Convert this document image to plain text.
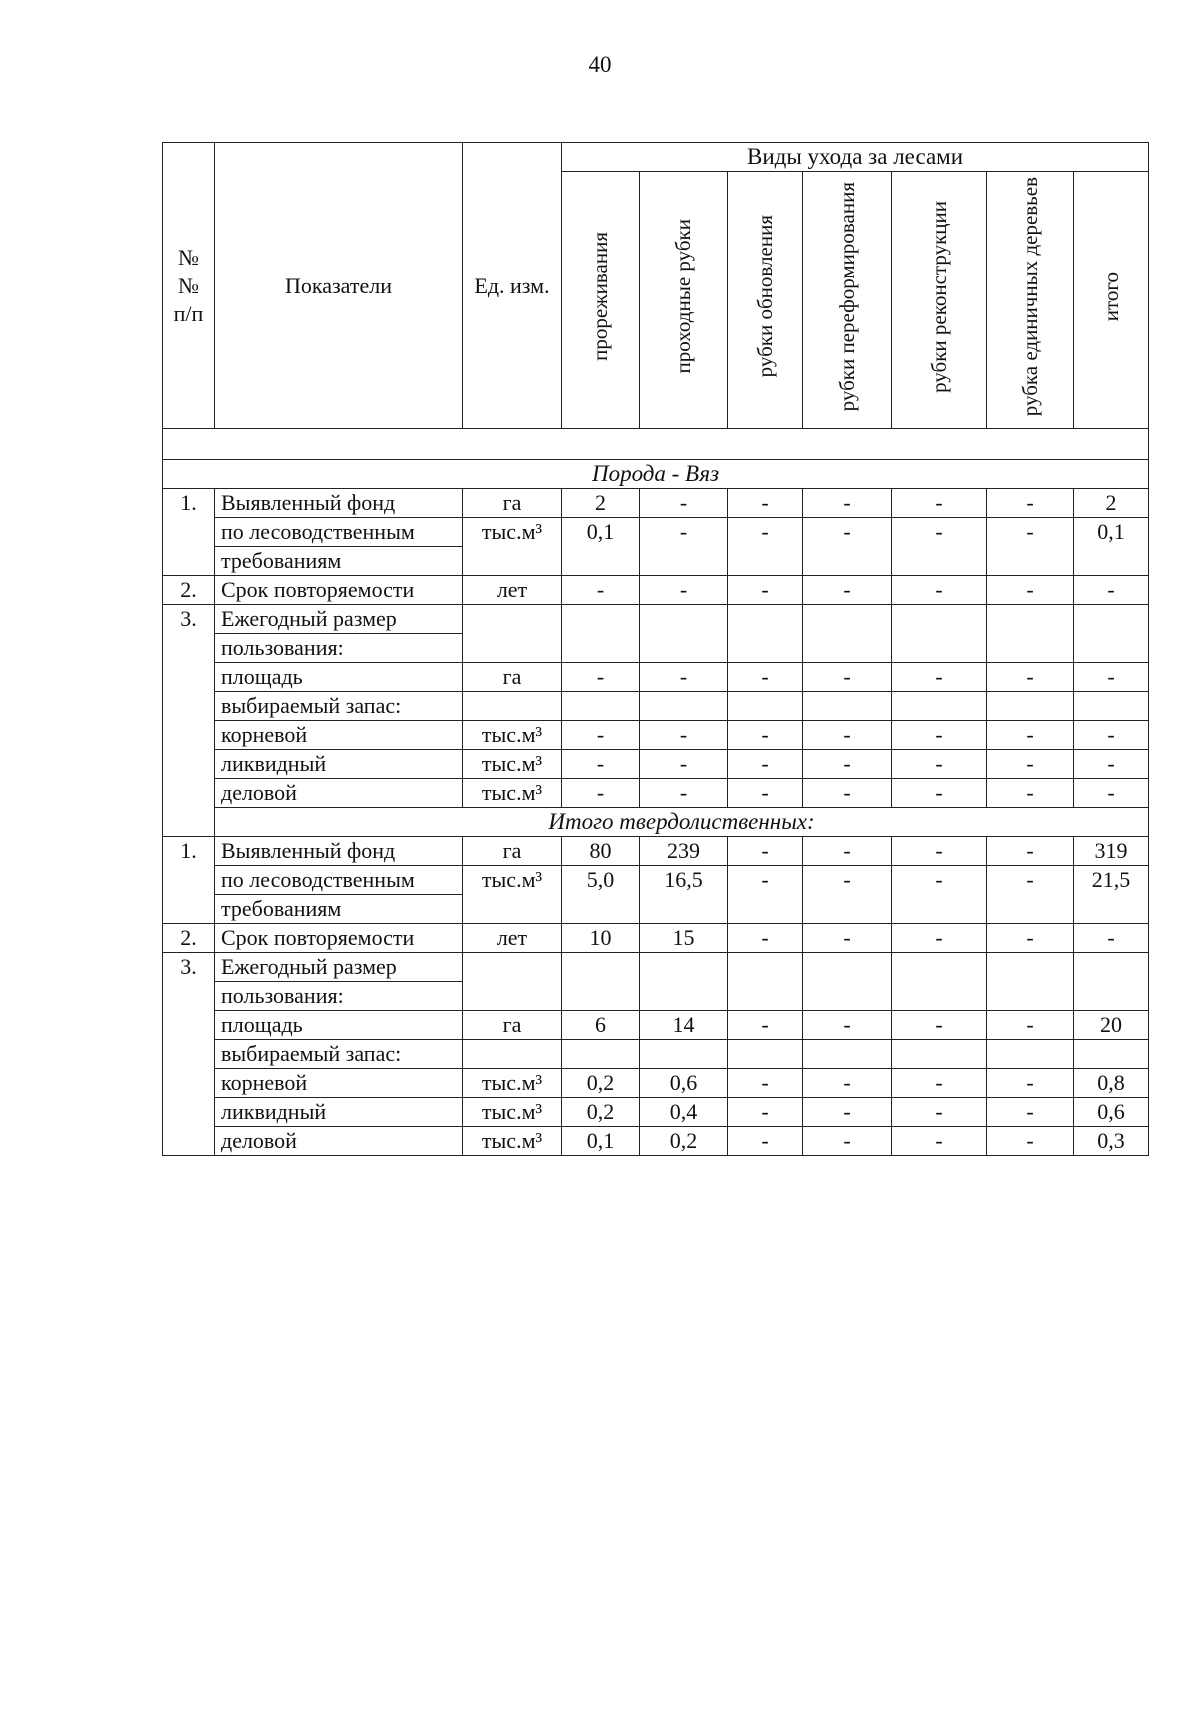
40
№№ п/п	Показатели	Ед. изм.	Виды ухода за лесами						
			прореживания	проходные рубки	рубки обновления	рубки переформирования	рубки реконструкции	рубка единичных деревьев	итого

Порода - Вяз									
1.	Выявленный фонд	га	2	-	-	-	-	-	2
	по лесоводственным	тыс.м³	0,1	-	-	-	-	-	0,1
	требованиям								
2.	Срок повторяемости	лет	-	-	-	-	-	-	-
3.	Ежегодный размер								
	пользования:								
	площадь	га	-	-	-	-	-	-	-
	выбираемый запас:								
	корневой	тыс.м³	-	-	-	-	-	-	-
	ликвидный	тыс.м³	-	-	-	-	-	-	-
	деловой	тыс.м³	-	-	-	-	-	-	-
	Итого твердолиственных:								
1.	Выявленный фонд	га	80	239	-	-	-	-	319
	по лесоводственным	тыс.м³	5,0	16,5	-	-	-	-	21,5
	требованиям								
2.	Срок повторяемости	лет	10	15	-	-	-	-	-
3.	Ежегодный размер								
	пользования:								
	площадь	га	6	14	-	-	-	-	20
	выбираемый запас:								
	корневой	тыс.м³	0,2	0,6	-	-	-	-	0,8
	ликвидный	тыс.м³	0,2	0,4	-	-	-	-	0,6
	деловой	тыс.м³	0,1	0,2	-	-	-	-	0,3
